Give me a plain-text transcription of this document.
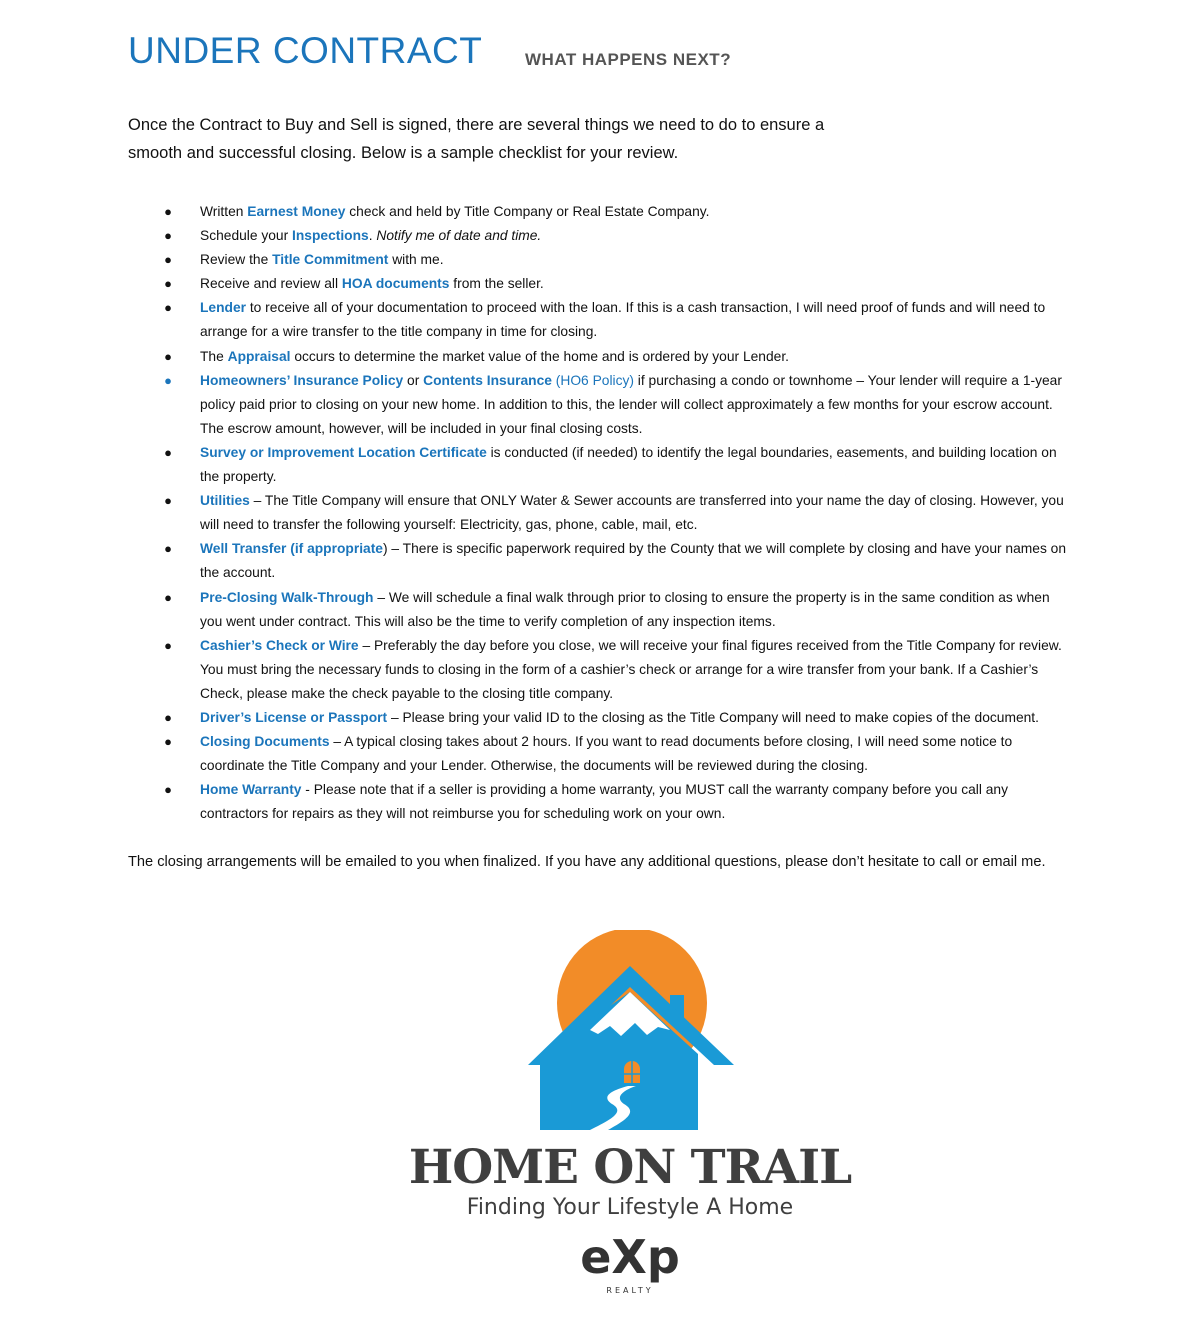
UNDER CONTRACT	WHAT HAPPENS NEXT?

Once the Contract to Buy and Sell is signed, there are several things we need to do to ensure a smooth and successful closing. Below is a sample checklist for your review.

● Written Earnest Money check and held by Title Company or Real Estate Company.
● Schedule your Inspections. Notify me of date and time.
● Review the Title Commitment with me.
● Receive and review all HOA documents from the seller.
● Lender to receive all of your documentation to proceed with the loan. If this is a cash transaction, I will need proof of funds and will need to arrange for a wire transfer to the title company in time for closing.
● The Appraisal occurs to determine the market value of the home and is ordered by your Lender.
● Homeowners’ Insurance Policy or Contents Insurance (HO6 Policy) if purchasing a condo or townhome – Your lender will require a 1-year policy paid prior to closing on your new home. In addition to this, the lender will collect approximately a few months for your escrow account. The escrow amount, however, will be included in your final closing costs.
● Survey or Improvement Location Certificate is conducted (if needed) to identify the legal boundaries, easements, and building location on the property.
● Utilities – The Title Company will ensure that ONLY Water & Sewer accounts are transferred into your name the day of closing. However, you will need to transfer the following yourself: Electricity, gas, phone, cable, mail, etc.
● Well Transfer (if appropriate) – There is specific paperwork required by the County that we will complete by closing and have your names on the account.
● Pre-Closing Walk-Through – We will schedule a final walk through prior to closing to ensure the property is in the same condition as when you went under contract. This will also be the time to verify completion of any inspection items.
● Cashier’s Check or Wire – Preferably the day before you close, we will receive your final figures received from the Title Company for review. You must bring the necessary funds to closing in the form of a cashier’s check or arrange for a wire transfer from your bank. If a Cashier’s Check, please make the check payable to the closing title company.
● Driver’s License or Passport – Please bring your valid ID to the closing as the Title Company will need to make copies of the document.
● Closing Documents – A typical closing takes about 2 hours. If you want to read documents before closing, I will need some notice to coordinate the Title Company and your Lender. Otherwise, the documents will be reviewed during the closing.
● Home Warranty - Please note that if a seller is providing a home warranty, you MUST call the warranty company before you call any contractors for repairs as they will not reimburse you for scheduling work on your own.

The closing arrangements will be emailed to you when finalized. If you have any additional questions, please don’t hesitate to call or email me.

HOME ON TRAIL
Finding Your Lifestyle A Home
eXp
REALTY
